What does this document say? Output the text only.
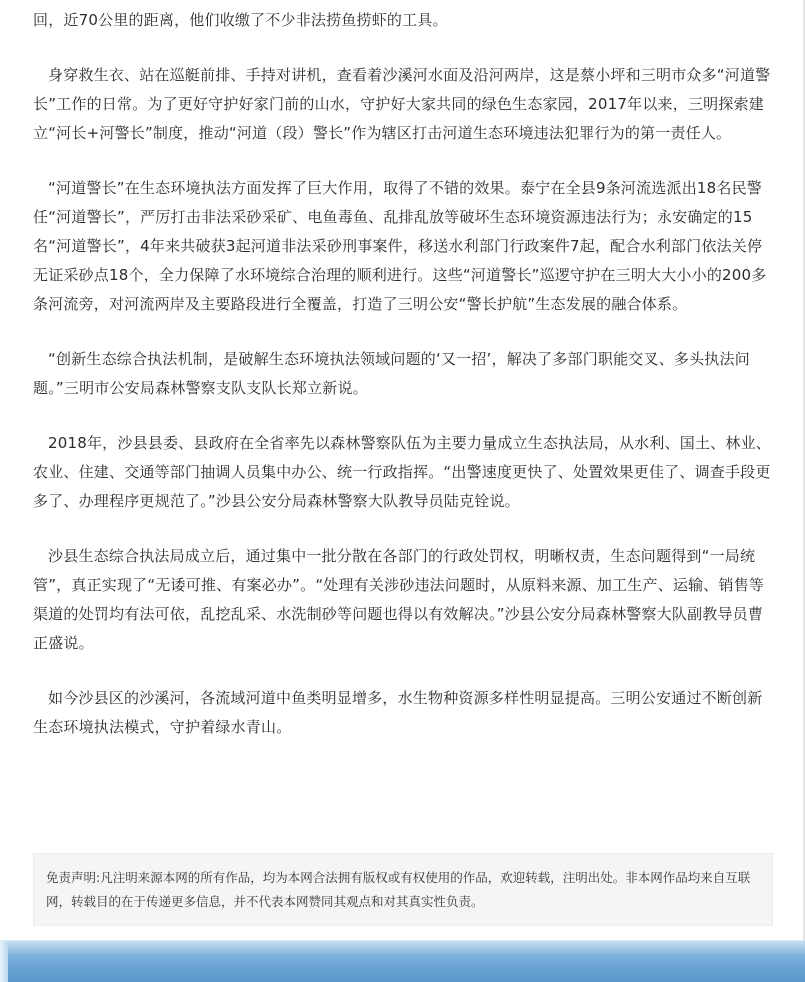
　回，近70公里的距离，他们收缴了不少非法捞鱼捞虾的工具。

身穿救生衣、站在巡艇前排、手持对讲机，查看着沙溪河水面及沿河两岸，这是蔡小坪和三明市众多“河道警长”工作的日常。为了更好守护好家门前的山水，守护好大家共同的绿色生态家园，2017年以来，三明探索建立“河长+河警长”制度，推动“河道（段）警长”作为辖区打击河道生态环境违法犯罪行为的第一责任人。

“河道警长”在生态环境执法方面发挥了巨大作用，取得了不错的效果。泰宁在全县9条河流选派出18名民警任“河道警长”，严厉打击非法采砂采矿、电鱼毒鱼、乱排乱放等破坏生态环境资源违法行为；永安确定的15名“河道警长”，4年来共破获3起河道非法采砂刑事案件，移送水利部门行政案件7起，配合水利部门依法关停无证采砂点18个，全力保障了水环境综合治理的顺利进行。这些“河道警长”巡逻守护在三明大大小小的200多条河流旁，对河流两岸及主要路段进行全覆盖，打造了三明公安“警长护航”生态发展的融合体系。

“创新生态综合执法机制，是破解生态环境执法领域问题的‘又一招’，解决了多部门职能交叉、多头执法问题。”三明市公安局森林警察支队支队长郑立新说。

2018年，沙县县委、县政府在全省率先以森林警察队伍为主要力量成立生态执法局，从水利、国土、林业、农业、住建、交通等部门抽调人员集中办公、统一行政指挥。“出警速度更快了、处置效果更佳了、调查手段更多了、办理程序更规范了。”沙县公安分局森林警察大队教导员陆克铨说。

沙县生态综合执法局成立后，通过集中一批分散在各部门的行政处罚权，明晰权责，生态问题得到“一局统管”，真正实现了“无诿可推、有案必办”。“处理有关涉砂违法问题时，从原料来源、加工生产、运输、销售等渠道的处罚均有法可依，乱挖乱采、水洗制砂等问题也得以有效解决。”沙县公安分局森林警察大队副教导员曹正盛说。

如今沙县区的沙溪河，各流域河道中鱼类明显增多，水生物种资源多样性明显提高。三明公安通过不断创新生态环境执法模式，守护着绿水青山。

免责声明:凡注明来源本网的所有作品，均为本网合法拥有版权或有权使用的作品，欢迎转载，注明出处。非本网作品均来自互联网，转载目的在于传递更多信息，并不代表本网赞同其观点和对其真实性负责。
